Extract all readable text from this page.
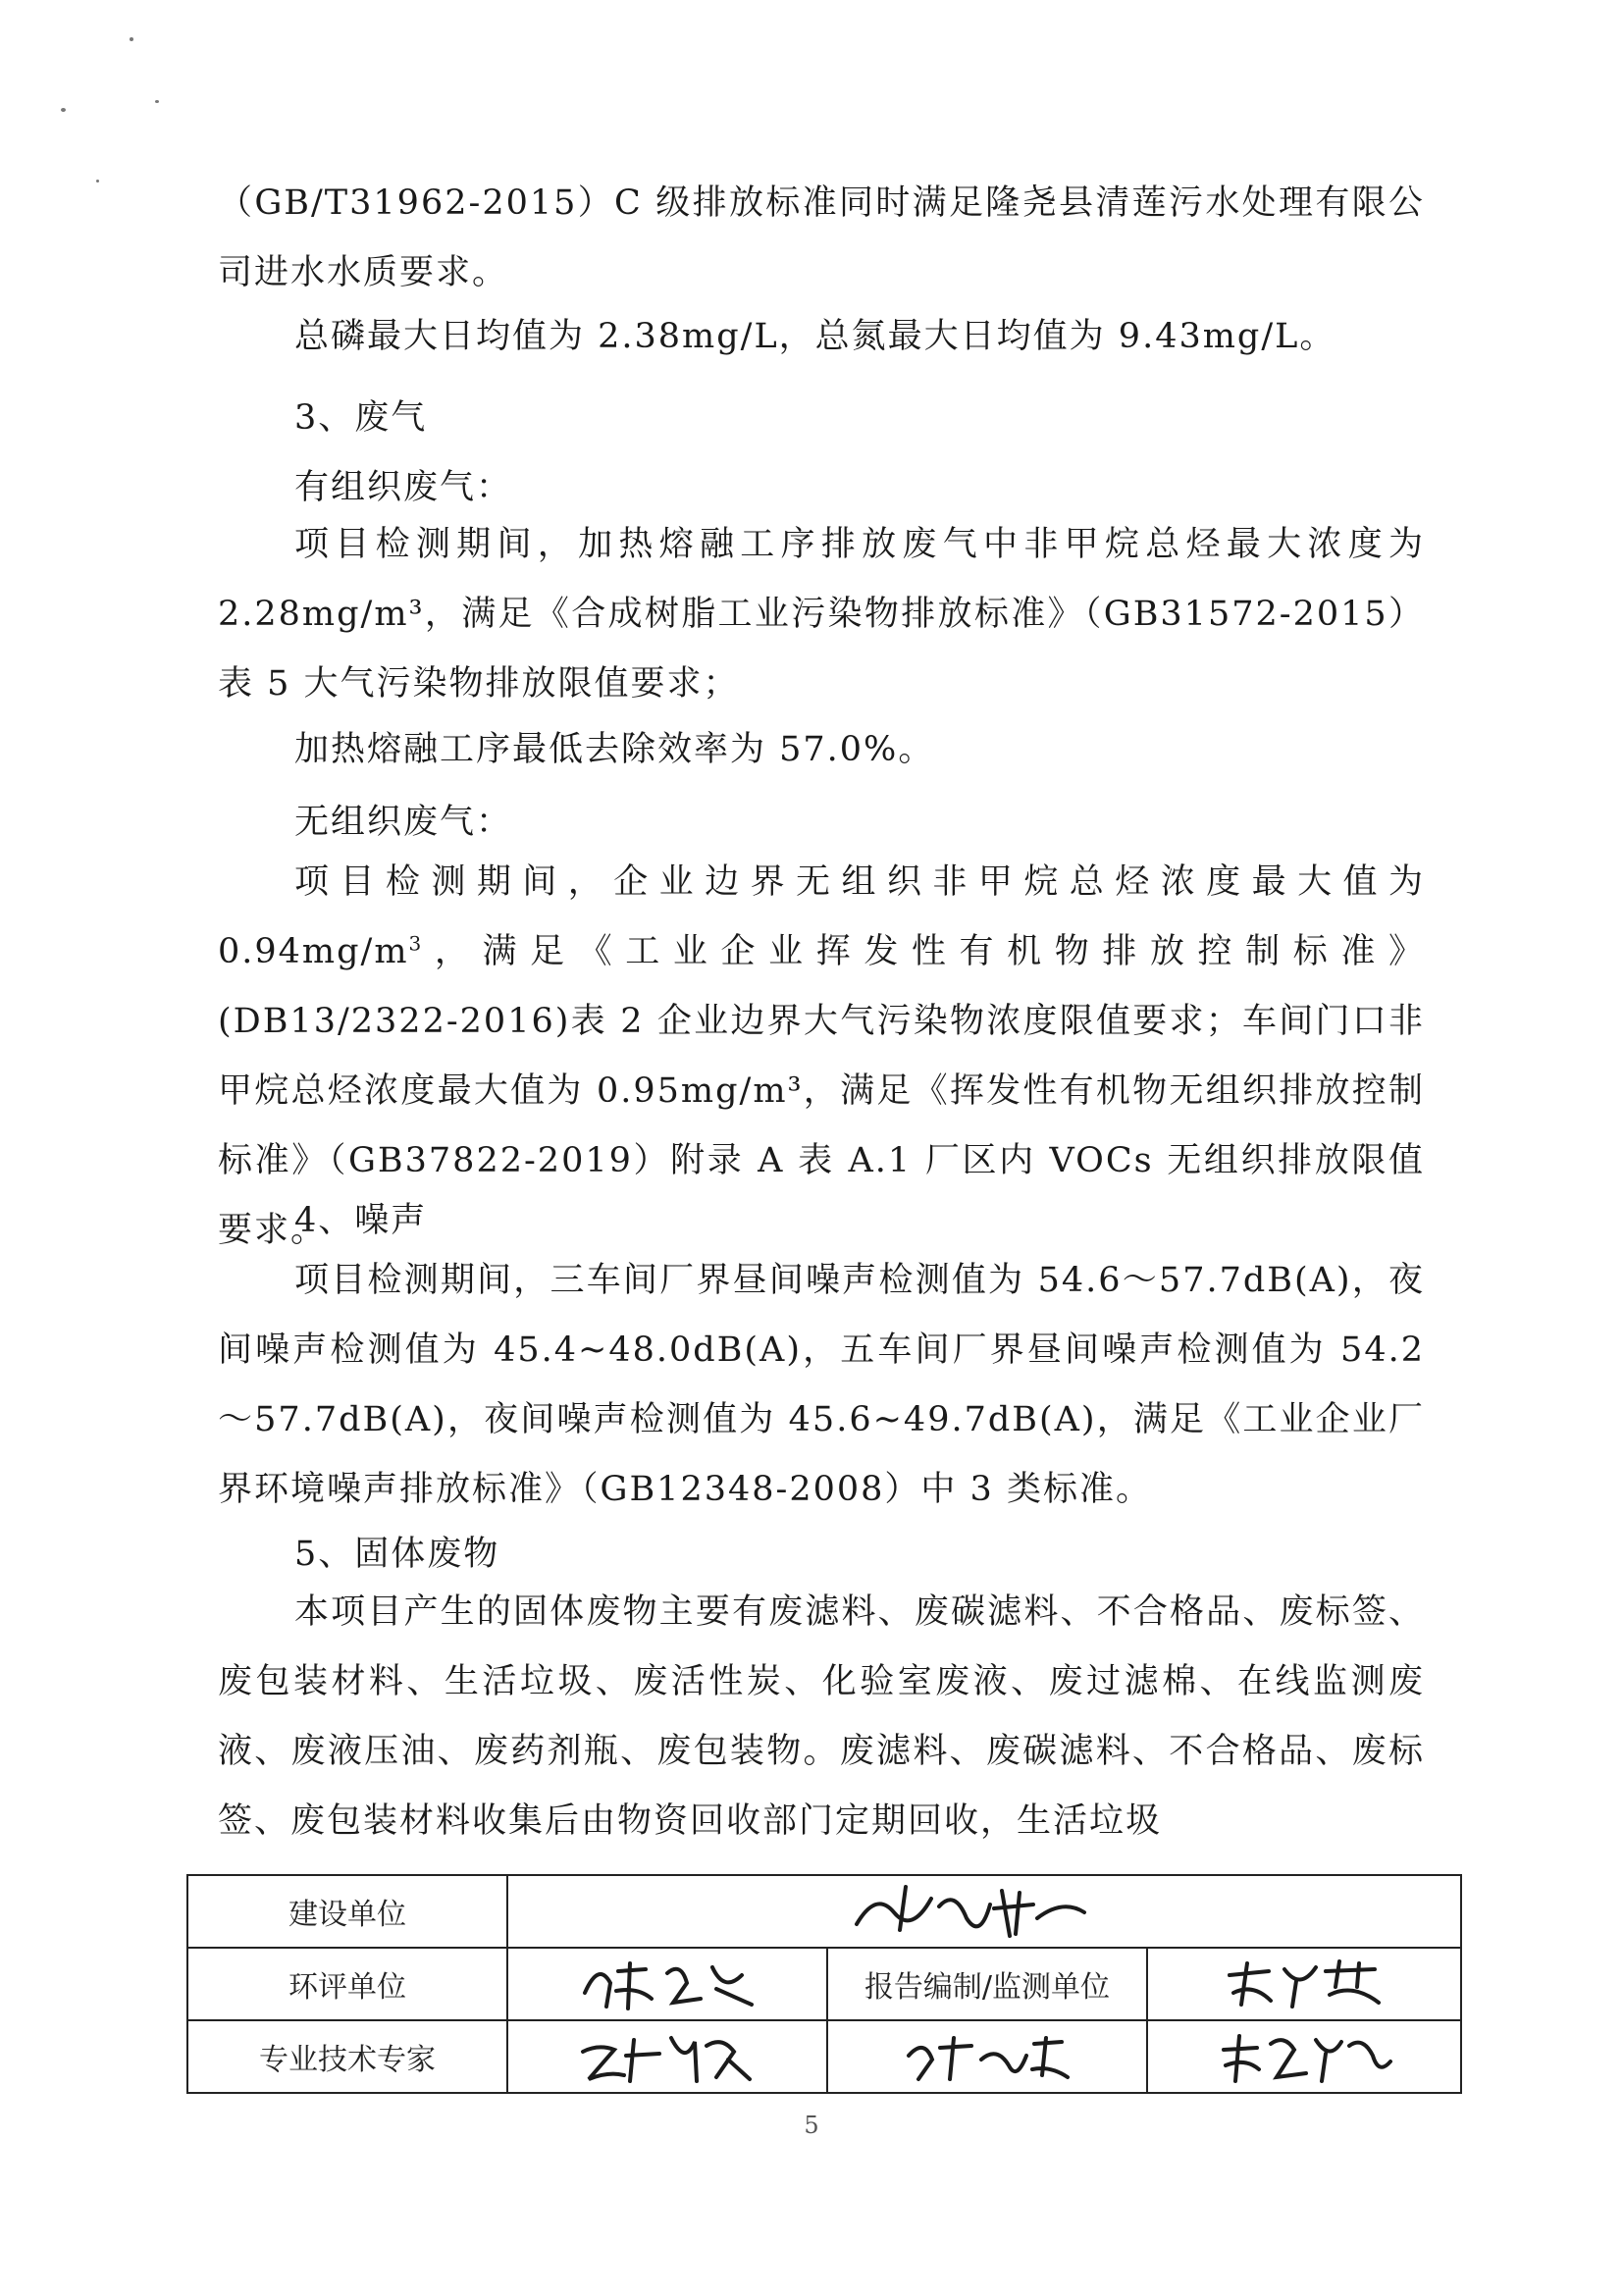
（GB/T31962-2015）C 级排放标准同时满足隆尧县清莲污水处理有限公司进水水质要求。
总磷最大日均值为 2.38mg/L，总氮最大日均值为 9.43mg/L。
3、废气
有组织废气：
项目检测期间，加热熔融工序排放废气中非甲烷总烃最大浓度为 2.28mg/m³，满足《合成树脂工业污染物排放标准》（GB31572-2015）表 5 大气污染物排放限值要求；
加热熔融工序最低去除效率为 57.0%。
无组织废气：
项目检测期间，企业边界无组织非甲烷总烃浓度最大值为 $0.94mg/m^3$，满足《工业企业挥发性有机物排放控制标准》(DB13/2322-2016)表 2 企业边界大气污染物浓度限值要求；车间门口非甲烷总烃浓度最大值为 0.95mg/m³，满足《挥发性有机物无组织排放控制标准》（GB37822-2019）附录 A 表 A.1 厂区内 VOCs 无组织排放限值要求。
4、噪声
项目检测期间，三车间厂界昼间噪声检测值为 54.6～57.7dB(A)，夜间噪声检测值为 45.4~48.0dB(A)，五车间厂界昼间噪声检测值为 54.2～57.7dB(A)，夜间噪声检测值为 45.6~49.7dB(A)，满足《工业企业厂界环境噪声排放标准》（GB12348-2008）中 3 类标准。
5、固体废物
本项目产生的固体废物主要有废滤料、废碳滤料、不合格品、废标签、废包装材料、生活垃圾、废活性炭、化验室废液、废过滤棉、在线监测废液、废液压油、废药剂瓶、废包装物。废滤料、废碳滤料、不合格品、废标签、废包装材料收集后由物资回收部门定期回收，生活垃圾
建设单位	

环评单位		报告编制/监测单位	

专业技术专家	

5
